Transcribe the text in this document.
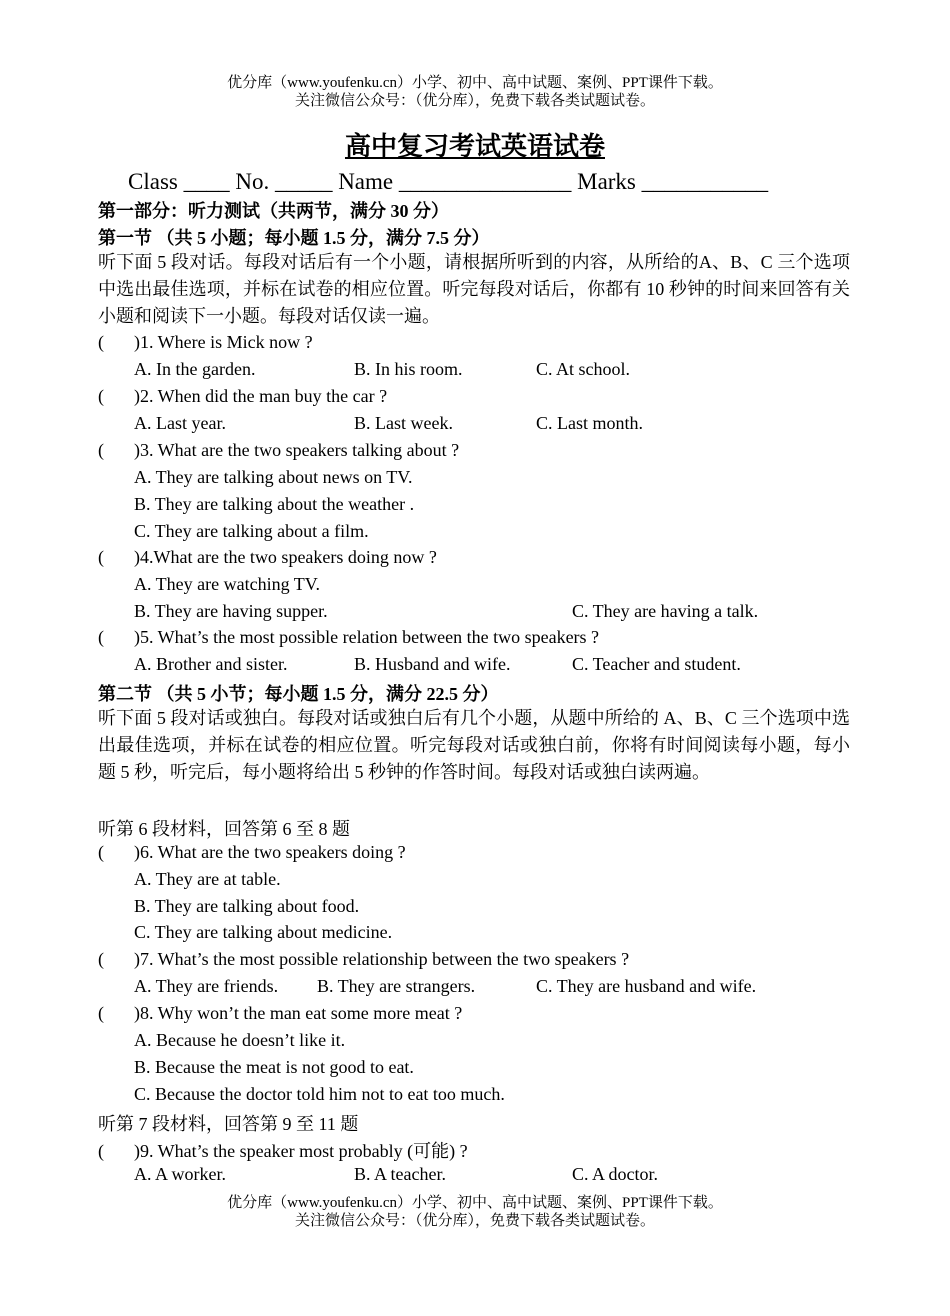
优分库（www.youfenku.cn）小学、初中、高中试题、案例、PPT课件下载。
关注微信公众号：（优分库），免费下载各类试题试卷。
高中复习考试英语试卷
Class ____ No. _____ Name _______________ Marks ___________
第一部分：听力测试（共两节，满分 30 分）
第一节 （共 5 小题；每小题 1.5 分，满分 7.5 分）
听下面 5 段对话。每段对话后有一个小题，请根据所听到的内容，从所给的A、B、C 三个选项中选出最佳选项，并标在试卷的相应位置。听完每段对话后，你都有 10 秒钟的时间来回答有关小题和阅读下一小题。每段对话仅读一遍。
( )1. Where is Mick now ?
A. In the garden.	B. In his room.	C. At school.
( )2. When did the man buy the car ?
A. Last year.	B. Last week.	C. Last month.
( )3. What are the two speakers talking about ?
A. They are talking about news on TV.
B. They are talking about the weather .
C. They are talking about a film.
( )4.What are the two speakers doing now ?
A. They are watching TV.
B. They are having supper.	C. They are having a talk.
( )5. What’s the most possible relation between the two speakers ?
A. Brother and sister.	B. Husband and wife.	C. Teacher and student.
第二节 （共 5 小节；每小题 1.5 分，满分 22.5 分）
听下面 5 段对话或独白。每段对话或独白后有几个小题，从题中所给的 A、B、C 三个选项中选出最佳选项，并标在试卷的相应位置。听完每段对话或独白前，你将有时间阅读每小题，每小题 5 秒，听完后，每小题将给出 5 秒钟的作答时间。每段对话或独白读两遍。
听第 6 段材料，回答第 6 至 8 题
( )6. What are the two speakers doing ?
A. They are at table.
B. They are talking about food.
C. They are talking about medicine.
( )7. What’s the most possible relationship between the two speakers ?
A. They are friends. B. They are strangers.	C. They are husband and wife.
( )8. Why won’t the man eat some more meat ?
A. Because he doesn’t like it.
B. Because the meat is not good to eat.
C. Because the doctor told him not to eat too much.
听第 7 段材料，回答第 9 至 11 题
( )9. What’s the speaker most probably (可能) ?
A. A worker.	B. A teacher.	C. A doctor.
优分库（www.youfenku.cn）小学、初中、高中试题、案例、PPT课件下载。
关注微信公众号：（优分库），免费下载各类试题试卷。
